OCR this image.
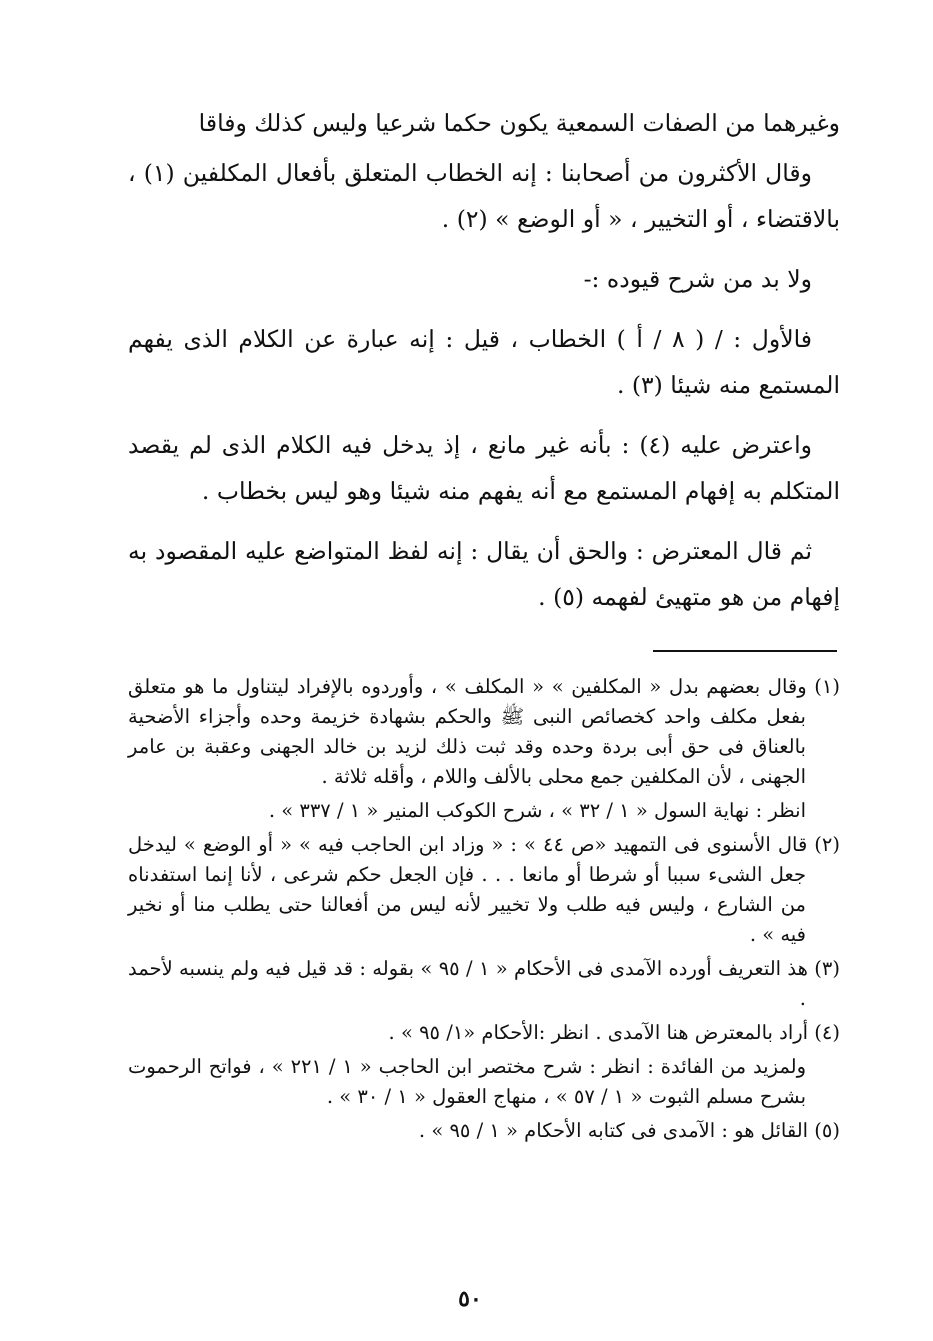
وغيرهما من الصفات السمعية يكون حكما شرعيا وليس كذلك وفاقا

وقال الأكثرون من أصحابنا : إنه الخطاب المتعلق بأفعال المكلفين (١) ، بالاقتضاء ، أو التخيير ، « أو الوضع » (٢) .

ولا بد من شرح قيوده :-

فالأول : / ( ٨ / أ ) الخطاب ، قيل : إنه عبارة عن الكلام الذى يفهم المستمع منه شيئا (٣) .

واعترض عليه (٤) : بأنه غير مانع ، إذ يدخل فيه الكلام الذى لم يقصد المتكلم به إفهام المستمع مع أنه يفهم منه شيئا وهو ليس بخطاب .

ثم قال المعترض : والحق أن يقال : إنه لفظ المتواضع عليه المقصود به إفهام من هو متهيئ لفهمه (٥) .

(١) وقال بعضهم بدل « المكلفين » « المكلف » ، وأوردوه بالإفراد ليتناول ما هو متعلق بفعل مكلف واحد كخصائص النبى ﷺ والحكم بشهادة خزيمة وحده وأجزاء الأضحية بالعناق فى حق أبى بردة وحده وقد ثبت ذلك لزيد بن خالد الجهنى وعقبة بن عامر الجهنى ، لأن المكلفين جمع محلى بالألف واللام ، وأقله ثلاثة .

انظر : نهاية السول « ١ / ٣٢ » ، شرح الكوكب المنير « ١ / ٣٣٧ » .

(٢) قال الأسنوى فى التمهيد «ص ٤٤ » : « وزاد ابن الحاجب فيه » « أو الوضع » ليدخل جعل الشىء سببا أو شرطا أو مانعا . . . فإن الجعل حكم شرعى ، لأنا إنما استفدناه من الشارع ، وليس فيه طلب ولا تخيير لأنه ليس من أفعالنا حتى يطلب منا أو نخير فيه » .

(٣) هذ التعريف أورده الآمدى فى الأحكام « ١ / ٩٥ » بقوله : قد قيل فيه ولم ينسبه لأحمد .

(٤) أراد بالمعترض هنا الآمدى . انظر :الأحكام «١/ ٩٥ » .

ولمزيد من الفائدة : انظر : شرح مختصر ابن الحاجب « ١ / ٢٢١ » ، فواتح الرحموت بشرح مسلم الثبوت « ١ / ٥٧ » ، منهاج العقول « ١ / ٣٠ » .

(٥) القائل هو : الآمدى فى كتابه الأحكام « ١ / ٩٥ » .

٥٠
